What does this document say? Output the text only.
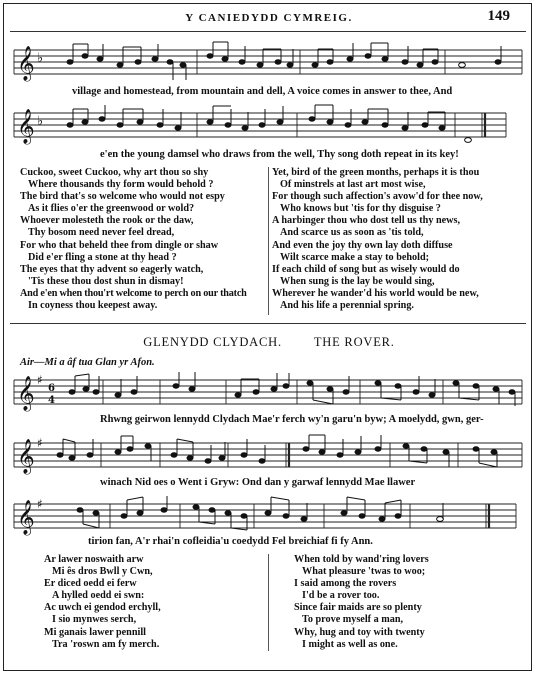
Y CANIEDYDD CYMREIG.	149
𝄞 ♭
village and homestead, from mountain and dell, A voice comes in answer to thee, And
𝄞 ♭
e'en the young damsel who draws from the well, Thy song doth repeat in its key!
Cuckoo, sweet Cuckoo, why art thou so shy
Where thousands thy form would behold ?
The bird that's so welcome who would not espy
As it flies o'er the greenwood or wold?
Whoever molesteth the rook or the daw,
Thy bosom need never feel dread,
For who that beheld thee from dingle or shaw
Did e'er fling a stone at thy head ?
The eyes that thy advent so eagerly watch,
'Tis these thou dost shun in dismay!
And e'en when thou'rt welcome to perch on our thatch
In coyness thou keepest away.
Yet, bird of the green months, perhaps it is thou
Of minstrels at last art most wise,
For though such affection's avow'd for thee now,
Who knows but 'tis for thy disguise ?
A harbinger thou who dost tell us thy news,
And scarce us as soon as 'tis told,
And even the joy thy own lay doth diffuse
Wilt scarce make a stay to behold;
If each child of song but as wisely would do
When sung is the lay be would sing,
Wherever he wander'd his world would be new,
And his life a perennial spring.
GLENYDD CLYDACH.	THE ROVER.
Air—Mi a âf tua Glan yr Afon.
𝄞 ♯
6
4
Rhwng geirwon lennydd Clydach Mae'r ferch wy'n garu'n byw; A moelydd, gwn, ger-
𝄞 ♯
winach Nid oes o Went i Gryw: Ond dan y garwaf lennydd Mae llawer
𝄞 ♯
tirion fan, A'r rhai'n cofleidia'u coedydd Fel breichiaf fi fy Ann.
Ar lawer noswaith arw
Mi ês dros Bwll y Cwn,
Er diced oedd ei ferw
A hylled oedd ei swn:
Ac uwch ei gendod erchyll,
I sio mynwes serch,
Mi ganais lawer pennill
Tra 'roswn am fy merch.
When told by wand'ring lovers
What pleasure 'twas to woo;
I said among the rovers
I'd be a rover too.
Since fair maids are so plenty
To prove myself a man,
Why, hug and toy with twenty
I might as well as one.
